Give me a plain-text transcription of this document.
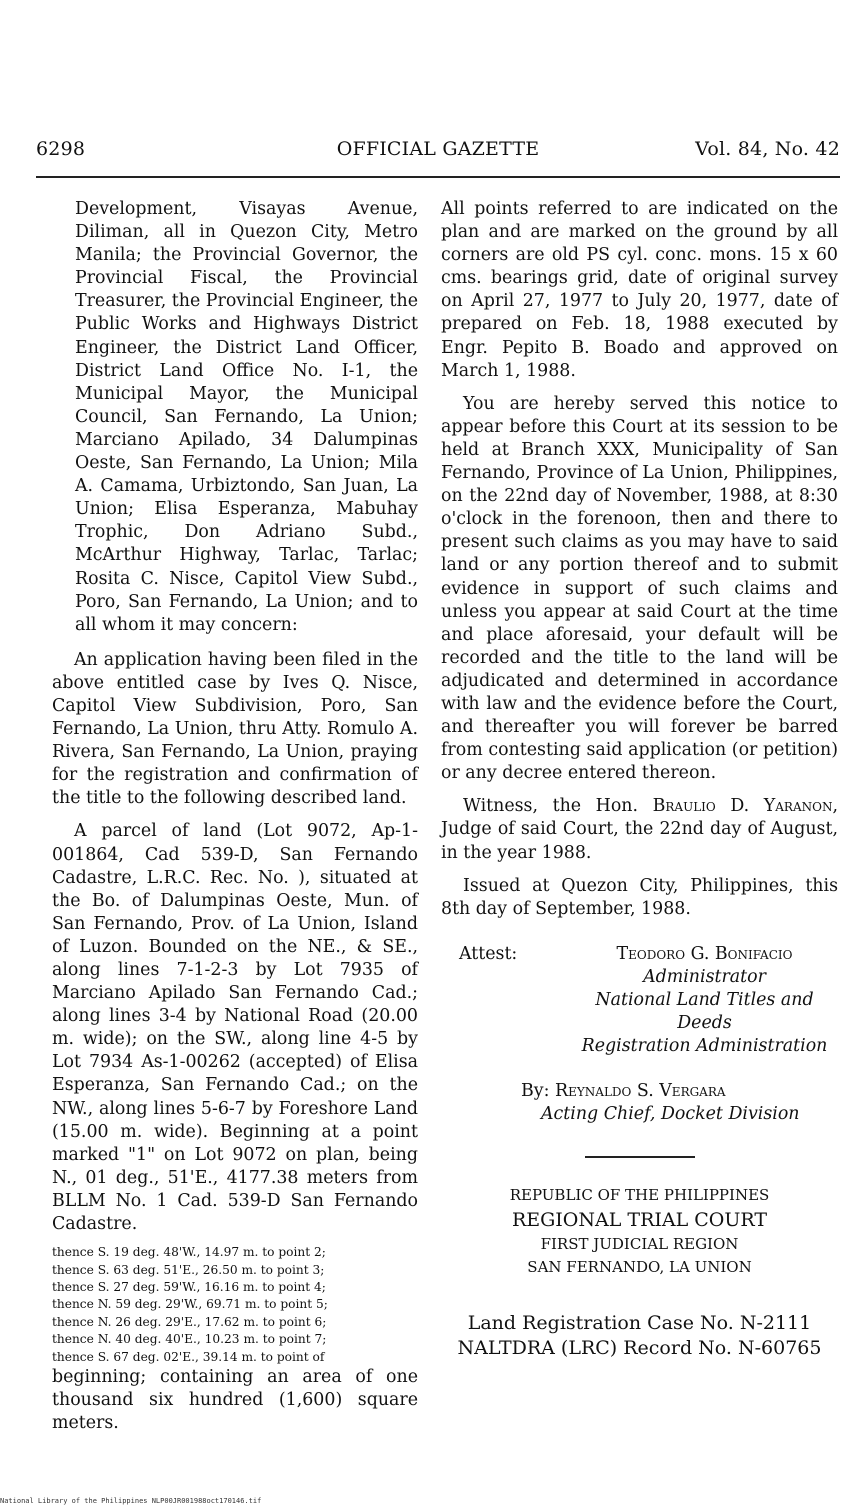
6298	OFFICIAL GAZETTE	Vol. 84, No. 42

Development, Visayas Avenue, Diliman, all in Quezon City, Metro Manila; the Provincial Governor, the Provincial Fiscal, the Provincial Treasurer, the Provincial Engineer, the Public Works and Highways District Engineer, the District Land Officer, District Land Office No. I-1, the Municipal Mayor, the Municipal Council, San Fernando, La Union; Marciano Apilado, 34 Dalumpinas Oeste, San Fernando, La Union; Mila A. Camama, Urbiztondo, San Juan, La Union; Elisa Esperanza, Mabuhay Trophic, Don Adriano Subd., McArthur Highway, Tarlac, Tarlac; Rosita C. Nisce, Capitol View Subd., Poro, San Fernando, La Union; and to all whom it may concern:

An application having been filed in the above entitled case by Ives Q. Nisce, Capitol View Subdivision, Poro, San Fernando, La Union, thru Atty. Romulo A. Rivera, San Fernando, La Union, praying for the registration and confirmation of the title to the following described land.

A parcel of land (Lot 9072, Ap-1-001864, Cad 539-D, San Fernando Cadastre, L.R.C. Rec. No. ), situated at the Bo. of Dalumpinas Oeste, Mun. of San Fernando, Prov. of La Union, Island of Luzon. Bounded on the NE., & SE., along lines 7-1-2-3 by Lot 7935 of Marciano Apilado San Fernando Cad.; along lines 3-4 by National Road (20.00 m. wide); on the SW., along line 4-5 by Lot 7934 As-1-00262 (accepted) of Elisa Esperanza, San Fernando Cad.; on the NW., along lines 5-6-7 by Foreshore Land (15.00 m. wide). Beginning at a point marked "1" on Lot 9072 on plan, being N., 01 deg., 51'E., 4177.38 meters from BLLM No. 1 Cad. 539-D San Fernando Cadastre.

thence S. 19 deg. 48'W., 14.97 m. to point 2;
thence S. 63 deg. 51'E., 26.50 m. to point 3;
thence S. 27 deg. 59'W., 16.16 m. to point 4;
thence N. 59 deg. 29'W., 69.71 m. to point 5;
thence N. 26 deg. 29'E., 17.62 m. to point 6;
thence N. 40 deg. 40'E., 10.23 m. to point 7;
thence S. 67 deg. 02'E., 39.14 m. to point of

beginning; containing an area of one thousand six hundred (1,600) square meters.

All points referred to are indicated on the plan and are marked on the ground by all corners are old PS cyl. conc. mons. 15 x 60 cms. bearings grid, date of original survey on April 27, 1977 to July 20, 1977, date of prepared on Feb. 18, 1988 executed by Engr. Pepito B. Boado and approved on March 1, 1988.

You are hereby served this notice to appear before this Court at its session to be held at Branch XXX, Municipality of San Fernando, Province of La Union, Philippines, on the 22nd day of November, 1988, at 8:30 o'clock in the forenoon, then and there to present such claims as you may have to said land or any portion thereof and to submit evidence in support of such claims and unless you appear at said Court at the time and place aforesaid, your default will be recorded and the title to the land will be adjudicated and determined in accordance with law and the evidence before the Court, and thereafter you will forever be barred from contesting said application (or petition) or any decree entered thereon.

Witness, the Hon. Braulio D. Yaranon, Judge of said Court, the 22nd day of August, in the year 1988.

Issued at Quezon City, Philippines, this 8th day of September, 1988.

Attest:	Teodoro G. Bonifacio
Administrator
National Land Titles and Deeds
Registration Administration
By: Reynaldo S. Vergara
Acting Chief, Docket Division
REPUBLIC OF THE PHILIPPINES
REGIONAL TRIAL COURT
FIRST JUDICIAL REGION
SAN FERNANDO, LA UNION
Land Registration Case No. N-2111
NALTDRA (LRC) Record No. N-60765
National Library of the Philippines NLP00JR001988oct170146.tif
